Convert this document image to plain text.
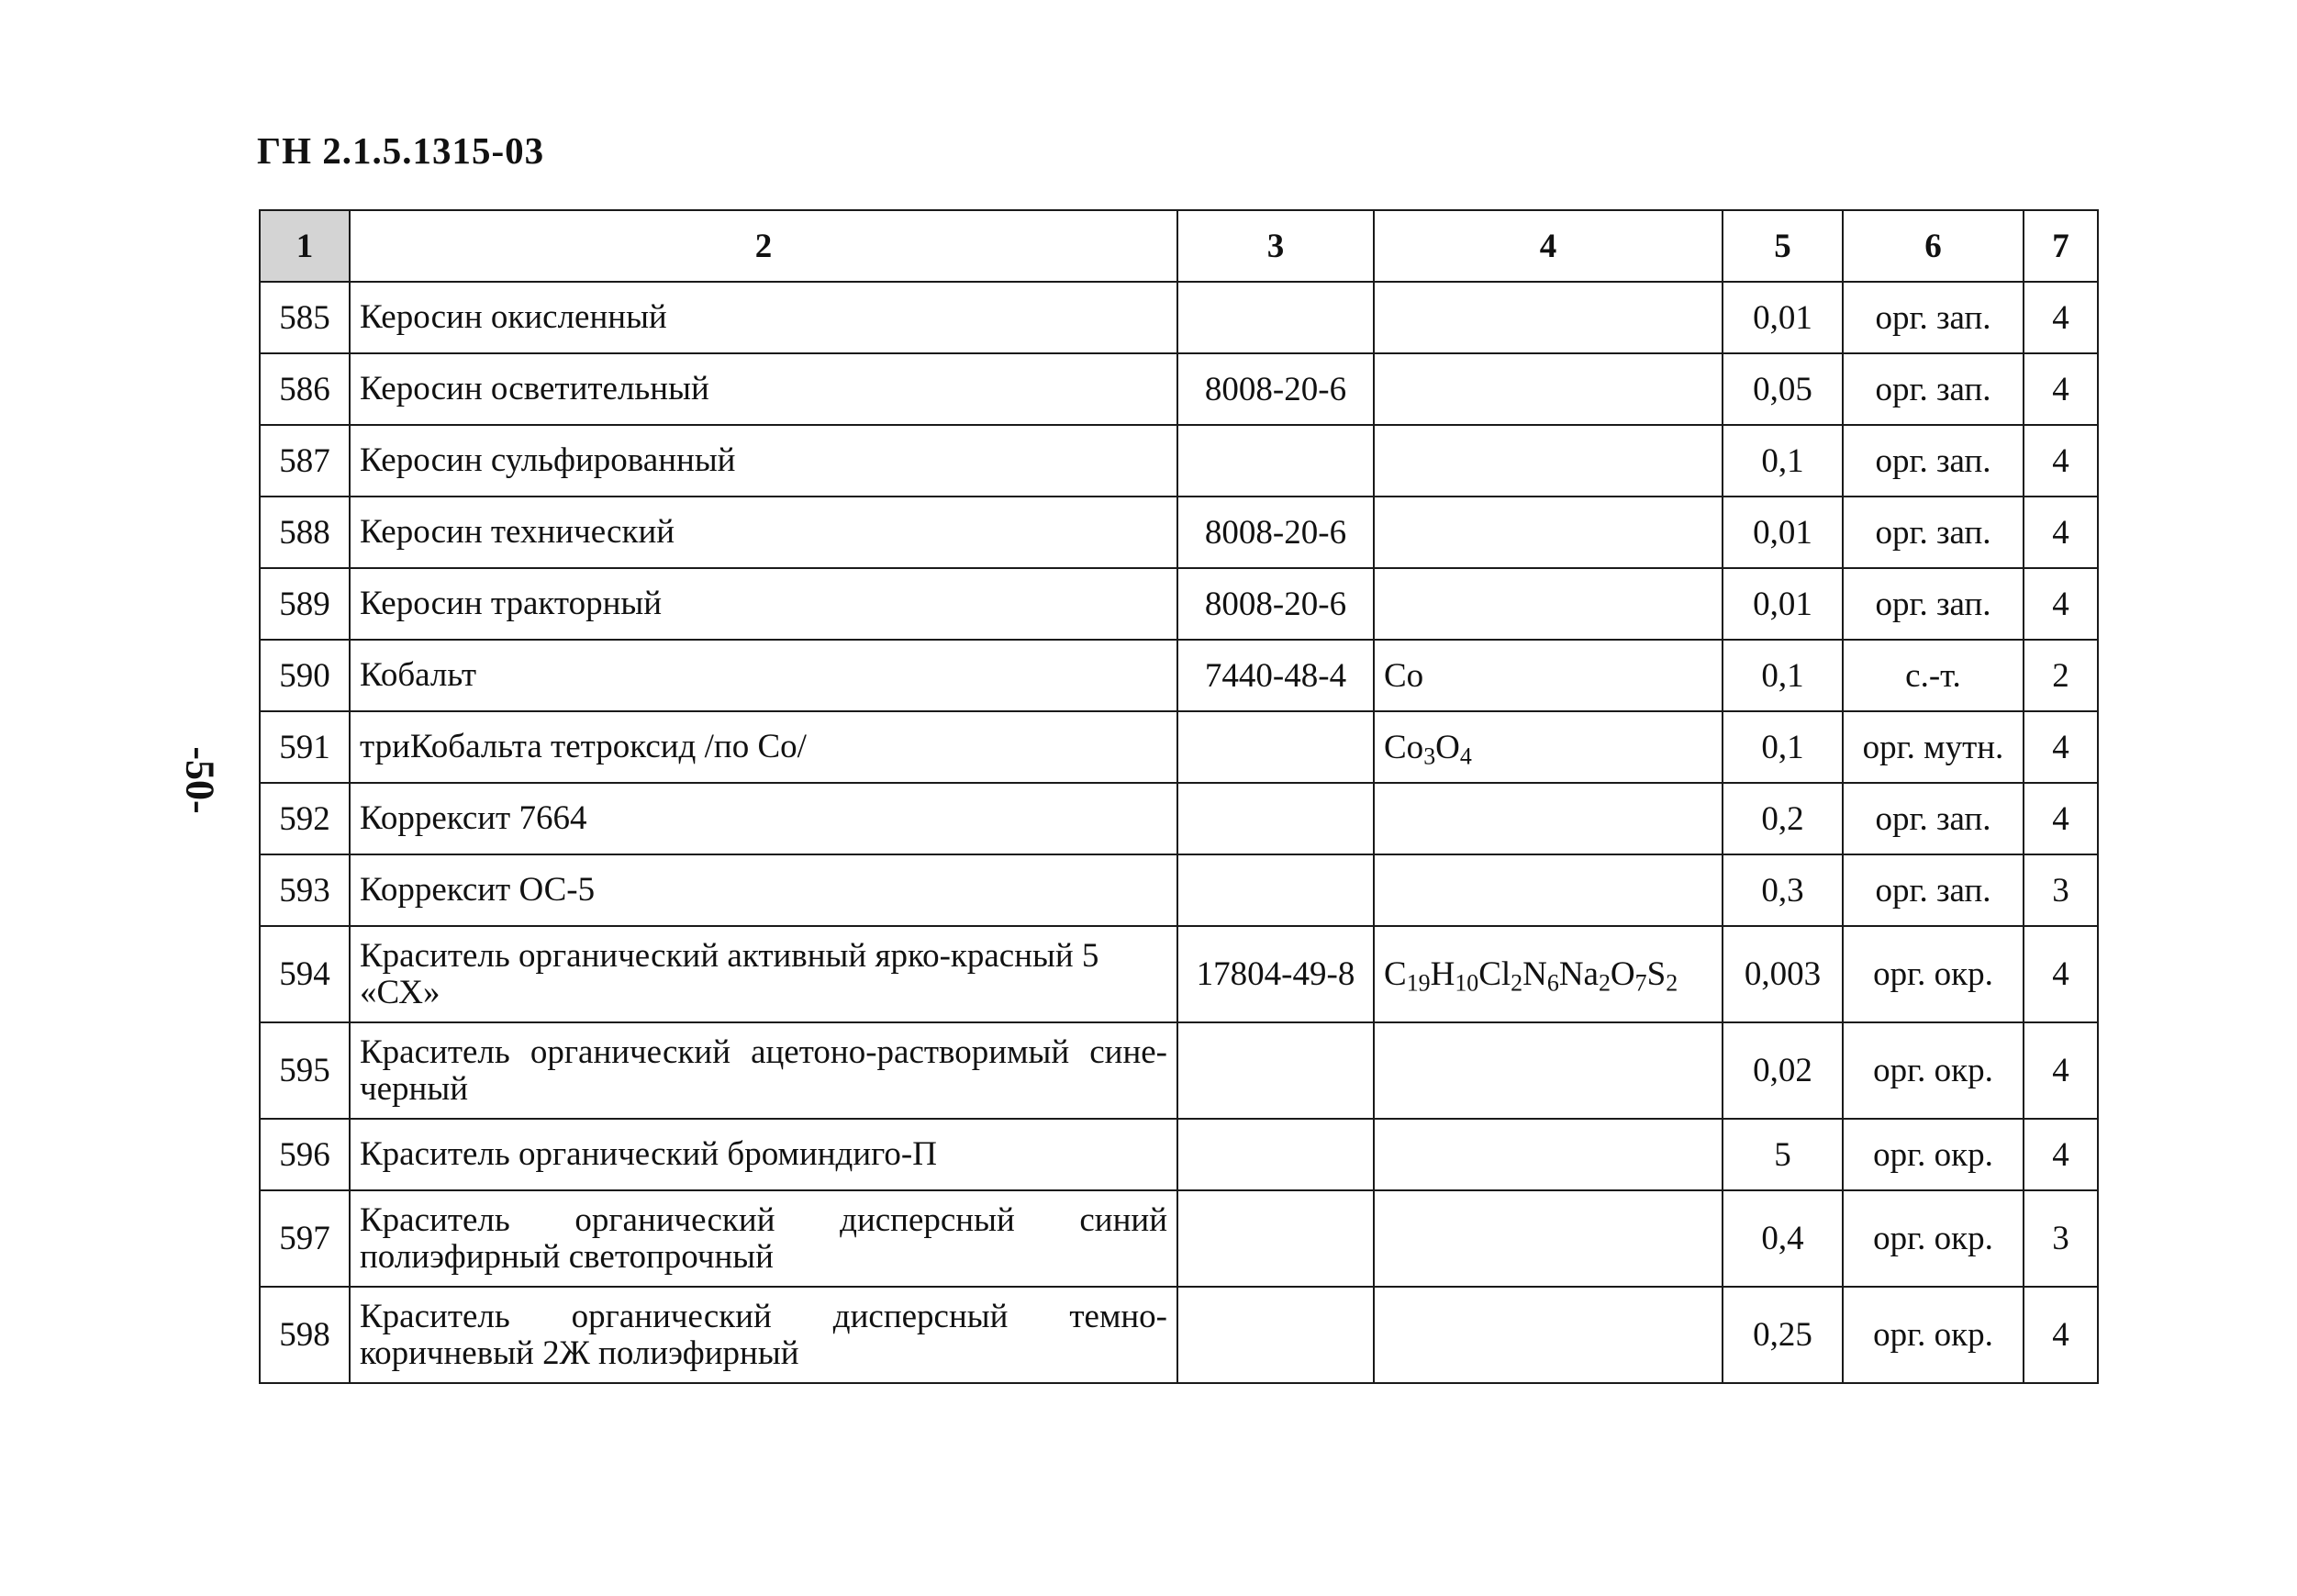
ГН 2.1.5.1315-03
-50-
1	2	3	4	5	6	7
585	Керосин окисленный			0,01	орг. зап.	4
586	Керосин осветительный	8008-20-6		0,05	орг. зап.	4
587	Керосин сульфированный			0,1	орг. зап.	4
588	Керосин технический	8008-20-6		0,01	орг. зап.	4
589	Керосин тракторный	8008-20-6		0,01	орг. зап.	4
590	Кобальт	7440-48-4	Co	0,1	с.-т.	2
591	триКобальта тетроксид /по Co/		$Co_3O_4$	0,1	орг. мутн.	4
592	Коррексит 7664			0,2	орг. зап.	4
593	Коррексит ОС-5			0,3	орг. зап.	3
594	Краситель органический активный ярко-красный 5 «СХ»	17804-49-8	$C_{19}H_{10}Cl_2N_6Na_2O_7S_2$	0,003	орг. окр.	4
595	Краситель органический ацетоно-растворимый сине-черный			0,02	орг. окр.	4
596	Краситель органический броминдиго-П			5	орг. окр.	4
597	Краситель органический дисперсный синий полиэфирный светопрочный			0,4	орг. окр.	3
598	Краситель органический дисперсный темно-коричневый 2Ж полиэфирный			0,25	орг. окр.	4
